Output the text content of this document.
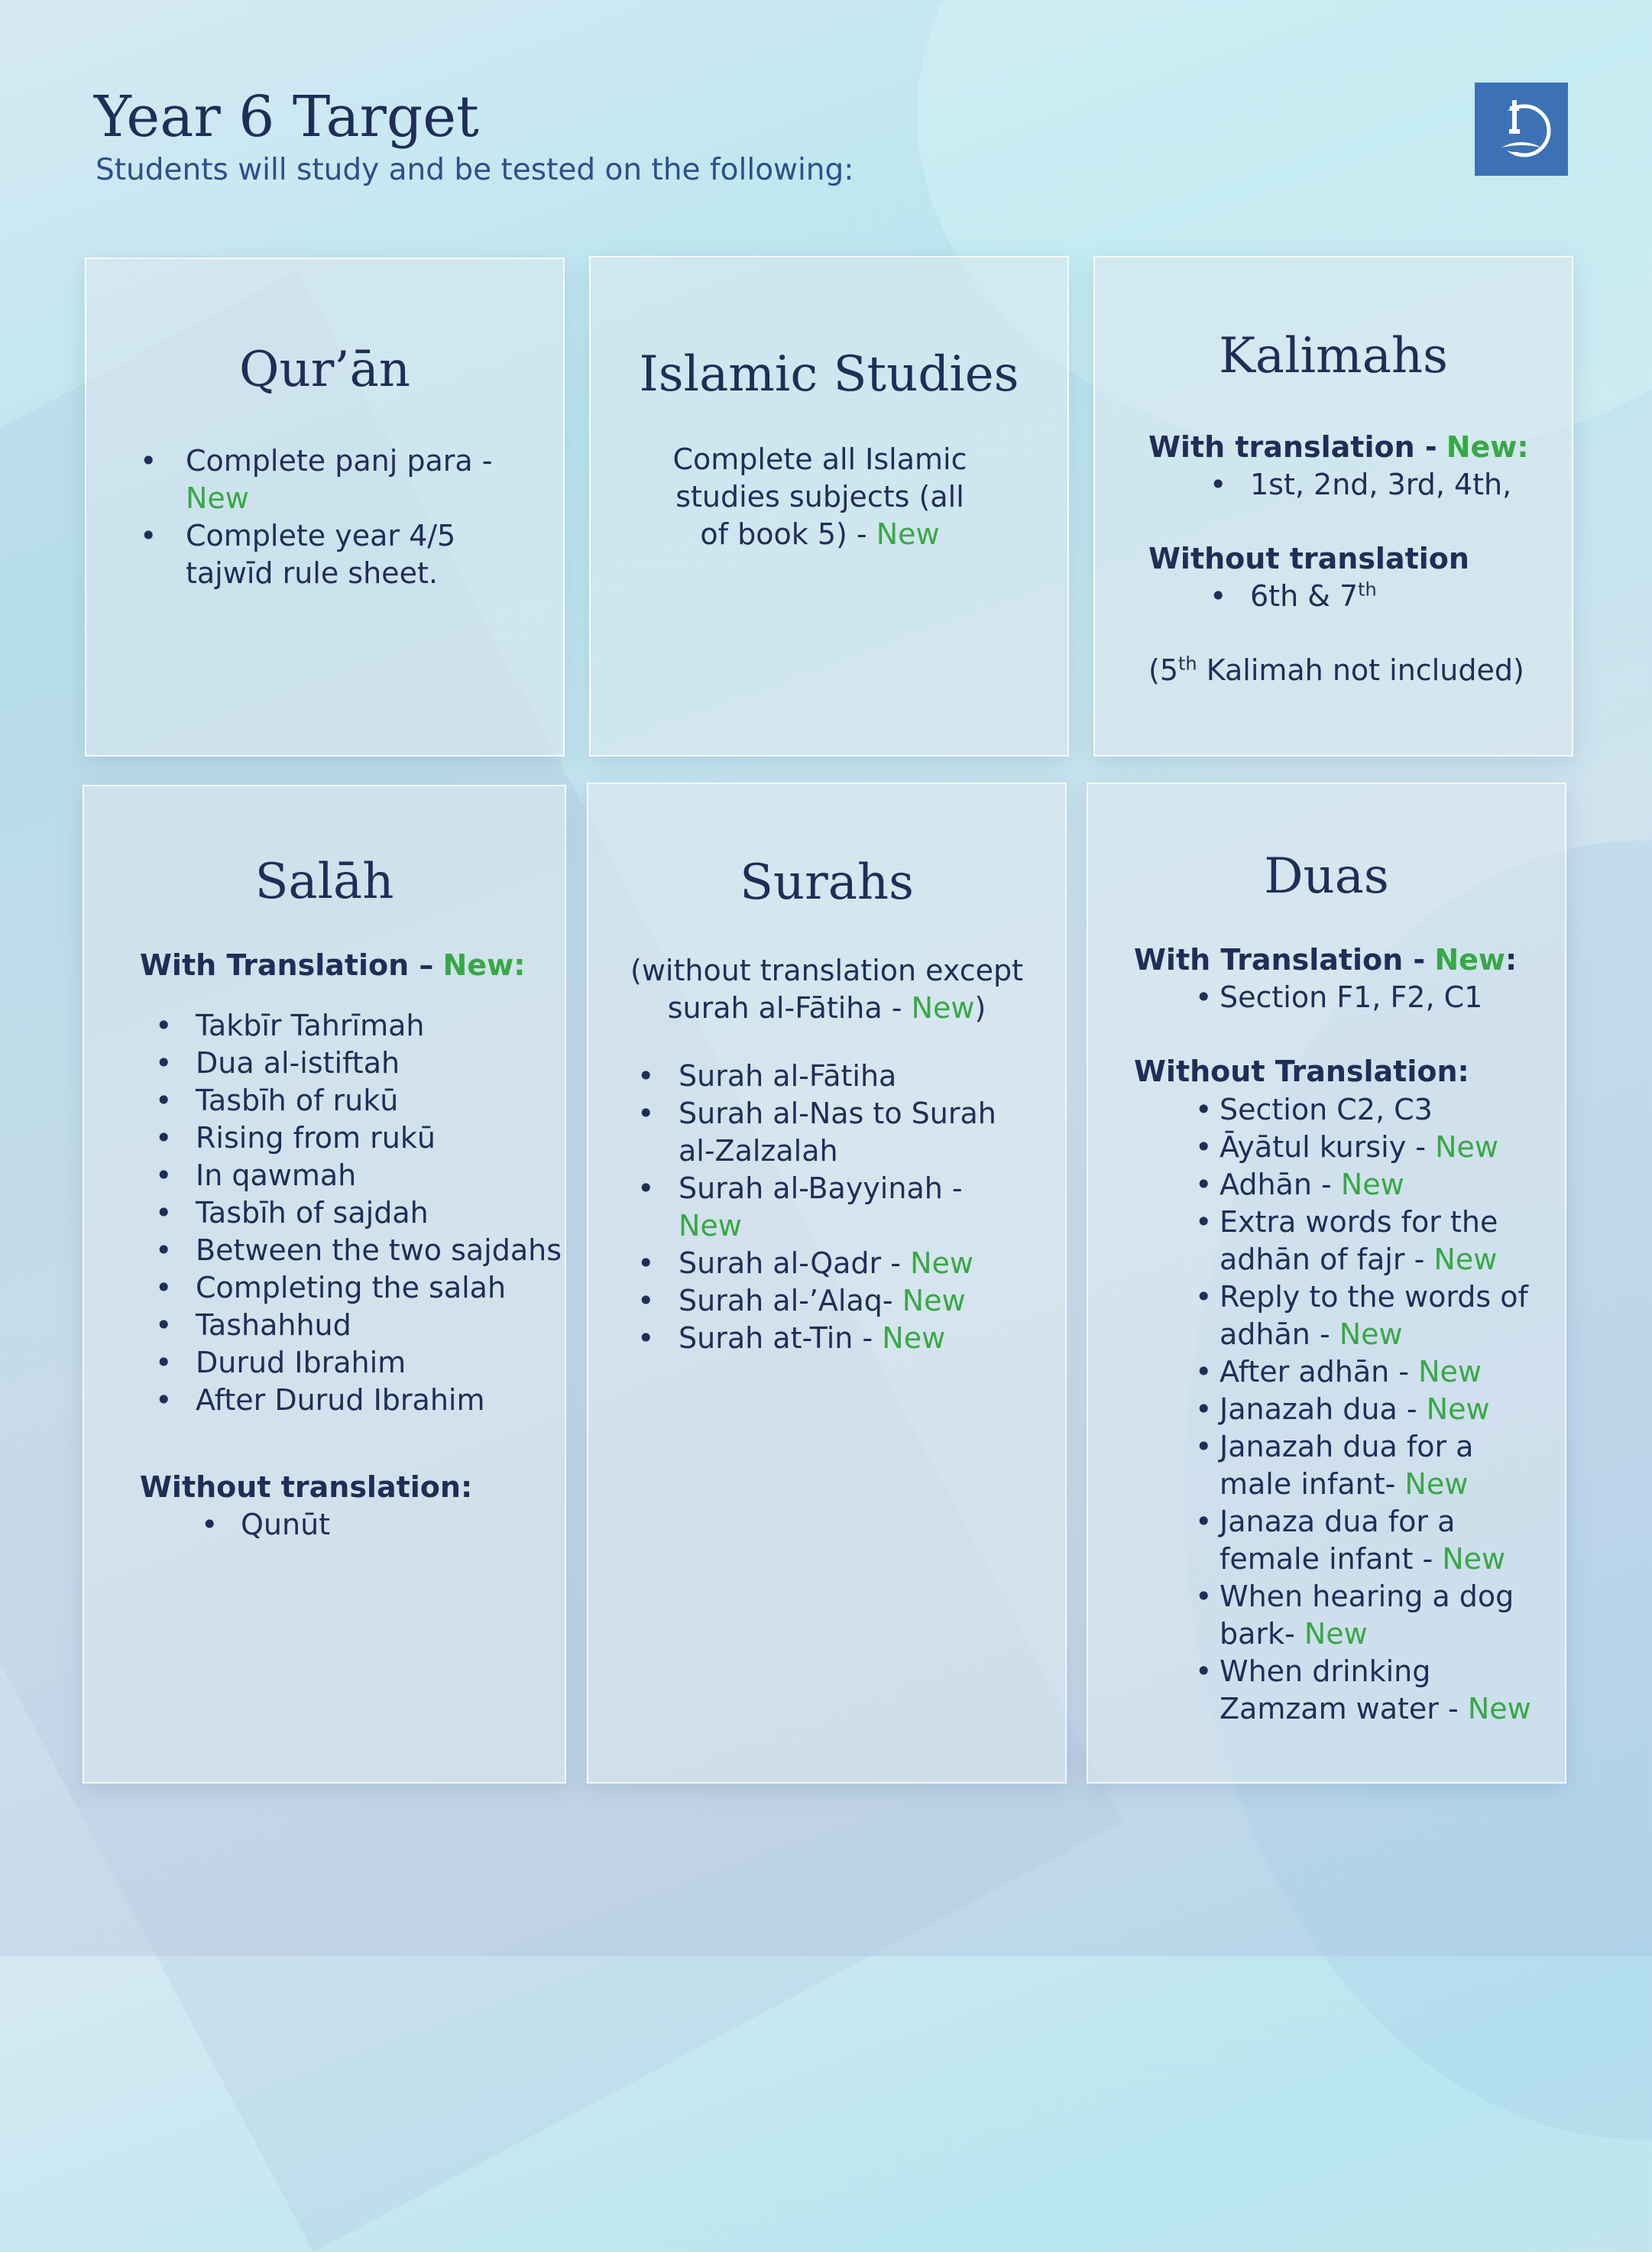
Year 6 Target

Students will study and be tested on the following:

Qur’ān
• Complete panj para -
New
• Complete year 4/5 tajwīd rule sheet.
Islamic Studies

Complete all Islamic studies subjects (all of book 5) - New

Kalimahs
With translation - New:
• 1st, 2nd, 3rd, 4th,
Without translation
• 6th & 7th
(5th Kalimah not included)
Salāh
With Translation – New:
• Takbīr Tahrīmah
• Dua al-istiftah
• Tasbīh of rukū
• Rising from rukū
• In qawmah
• Tasbīh of sajdah
• Between the two sajdahs
• Completing the salah
• Tashahhud
• Durud Ibrahim
• After Durud Ibrahim
Without translation:
• Qunūt
Surahs
(without translation except
surah al-Fātiha - New)
• Surah al-Fātiha
• Surah al-Nas to Surah al-Zalzalah
• Surah al-Bayyinah - New
• Surah al-Qadr - New
• Surah al-’Alaq- New
• Surah at-Tin - New
Duas
With Translation - New:
• Section F1, F2, C1
Without Translation:
• Section C2, C3
• Āyātul kursiy - New
• Adhān - New
• Extra words for the adhān of fajr - New
• Reply to the words of adhān - New
• After adhān - New
• Janazah dua - New
• Janazah dua for a male infant- New
• Janaza dua for a female infant - New
• When hearing a dog bark- New
• When drinking Zamzam water - New
